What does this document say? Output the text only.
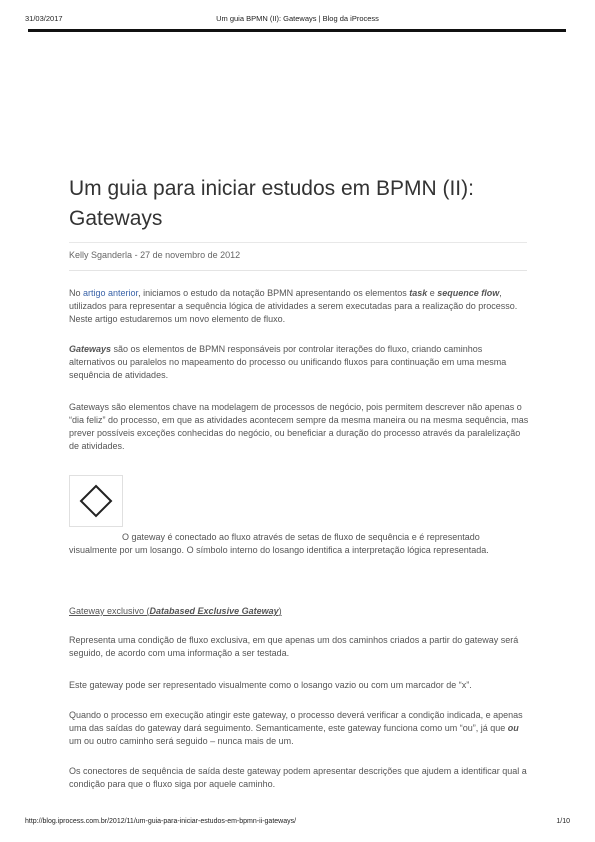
31/03/2017	Um guia BPMN (II): Gateways | Blog da iProcess
Um guia para iniciar estudos em BPMN (II): Gateways
Kelly Sganderla - 27 de novembro de 2012

No artigo anterior, iniciamos o estudo da notação BPMN apresentando os elementos task e sequence flow, utilizados para representar a sequência lógica de atividades a serem executadas para a realização do processo. Neste artigo estudaremos um novo elemento de fluxo.

Gateways são os elementos de BPMN responsáveis por controlar iterações do fluxo, criando caminhos alternativos ou paralelos no mapeamento do processo ou unificando fluxos para continuação em uma mesma sequência de atividades.

Gateways são elementos chave na modelagem de processos de negócio, pois permitem descrever não apenas o “dia feliz” do processo, em que as atividades acontecem sempre da mesma maneira ou na mesma sequência, mas prever possíveis exceções conhecidas do negócio, ou beneficiar a duração do processo através da paralelização de atividades.

O gateway é conectado ao fluxo através de setas de fluxo de sequência e é representado visualmente por um losango. O símbolo interno do losango identifica a interpretação lógica representada.

Gateway exclusivo (Databased Exclusive Gateway)

Representa uma condição de fluxo exclusiva, em que apenas um dos caminhos criados a partir do gateway será seguido, de acordo com uma informação a ser testada.

Este gateway pode ser representado visualmente como o losango vazio ou com um marcador de “x”.

Quando o processo em execução atingir este gateway, o processo deverá verificar a condição indicada, e apenas uma das saídas do gateway dará seguimento. Semanticamente, este gateway funciona como um “ou”, já que ou um ou outro caminho será seguido – nunca mais de um.

Os conectores de sequência de saída deste gateway podem apresentar descrições que ajudem a identificar qual a condição para que o fluxo siga por aquele caminho.

http://blog.iprocess.com.br/2012/11/um-guia-para-iniciar-estudos-em-bpmn-ii-gateways/	1/10
